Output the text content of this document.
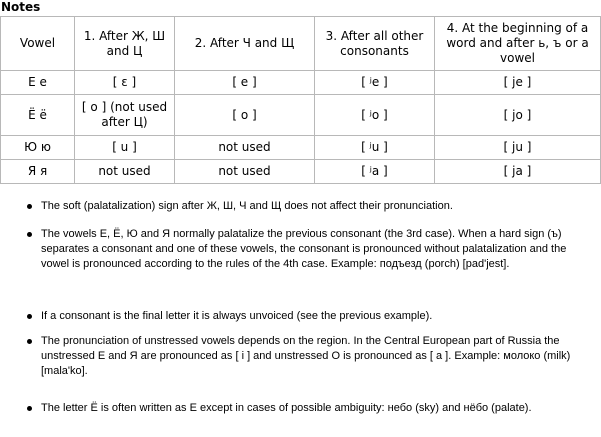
Notes
Vowel	1. After Ж, Ш and Ц	2. After Ч and Щ	3. After all other consonants	4. At the beginning of a word and after ь, ъ or a vowel
Е е	[ ɛ ]	[ e ]	[ ʲe ]	[ je ]
Ё ё	[ o ] (not used after Ц)	[ o ]	[ ʲo ]	[ jo ]
Ю ю	[ u ]	not used	[ ʲu ]	[ ju ]
Я я	not used	not used	[ ʲa ]	[ ja ]
The soft (palatalization) sign after Ж, Ш, Ч and Щ does not affect their pronunciation.
The vowels Е, Ё, Ю and Я normally palatalize the previous consonant (the 3rd case). When a hard sign (ъ) separates a consonant and one of these vowels, the consonant is pronounced without palatalization and the vowel is pronounced according to the rules of the 4th case. Example: подъезд (porch) [pad'jest].
If a consonant is the final letter it is always unvoiced (see the previous example).
The pronunciation of unstressed vowels depends on the region. In the Central European part of Russia the unstressed Е and Я are pronounced as [ i ] and unstressed О is pronounced as [ a ]. Example: молоко (milk) [mala'ko].
The letter Ё is often written as Е except in cases of possible ambiguity: небо (sky) and нёбо (palate).
